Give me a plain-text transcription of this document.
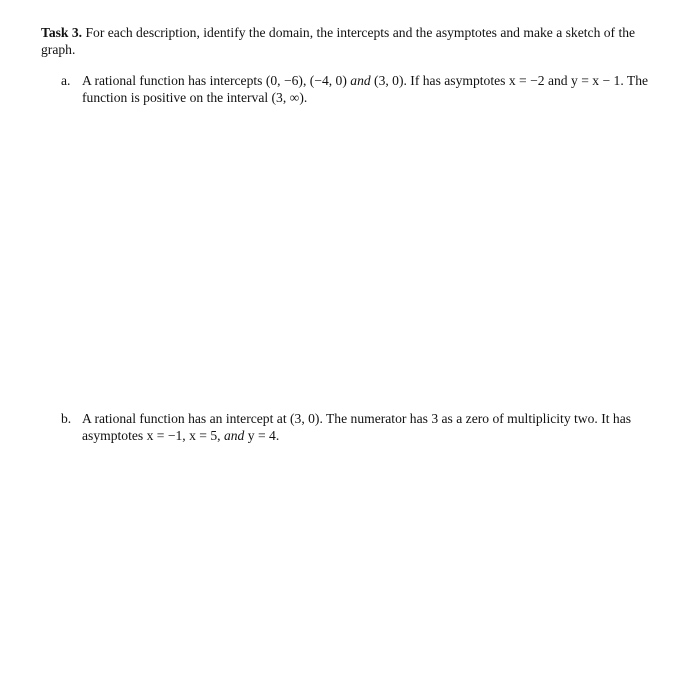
Task 3. For each description, identify the domain, the intercepts and the asymptotes and make a sketch of the graph.
a. A rational function has intercepts (0, −6), (−4, 0) and (3, 0). If has asymptotes x = −2 and y = x − 1. The function is positive on the interval (3, ∞).
b. A rational function has an intercept at (3, 0). The numerator has 3 as a zero of multiplicity two. It has asymptotes x = −1, x = 5, and y = 4.
